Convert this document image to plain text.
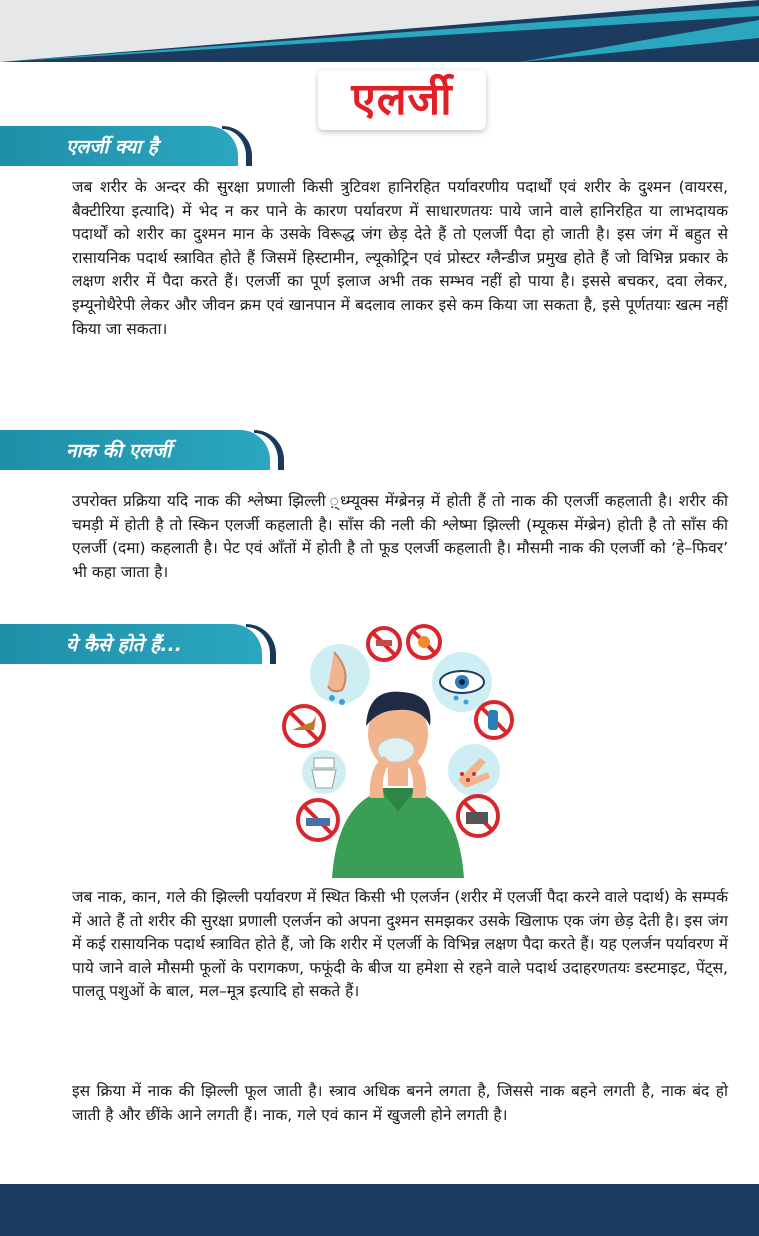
एलर्जी
एलर्जी क्या है

जब शरीर के अन्दर की सुरक्षा प्रणाली किसी त्रुटिवश हानिरहित पर्यावरणीय पदार्थों एवं शरीर के दुश्मन (वायरस, बैक्टीरिया इत्यादि) में भेद न कर पाने के कारण पर्यावरण में साधारणतयः पाये जाने वाले हानिरहित या लाभदायक पदार्थों को शरीर का दुश्मन मान के उसके विरूद्ध जंग छेड़ देते हैं तो एलर्जी पैदा हो जाती है। इस जंग में बहुत से रासायनिक पदार्थ स्त्रावित होते हैं जिसमें हिस्टामीन, ल्यूकोट्रिन एवं प्रोस्टर ग्लैन्डीज प्रमुख होते हैं जो विभिन्न प्रकार के लक्षण शरीर में पैदा करते हैं। एलर्जी का पूर्ण इलाज अभी तक सम्भव नहीं हो पाया है। इससे बचकर, दवा लेकर, इम्यूनोथैरेपी लेकर और जीवन क्रम एवं खानपान में बदलाव लाकर इसे कम किया जा सकता है, इसे पूर्णतयाः खत्म नहीं किया जा सकता।

नाक की एलर्जी

उपरोक्त प्रक्रिया यदि नाक की श्लेष्मा झिल्ली ़्ध्म्यूक्स मेंग्ब्रेनऩ्र में होती हैं तो नाक की एलर्जी कहलाती है। शरीर की चमड़ी में होती है तो स्किन एलर्जी कहलाती है। साँस की नली की श्लेष्मा झिल्ली (म्यूकस मेंग्ब्रेन) होती है तो साँस की एलर्जी (दमा) कहलाती है। पेट एवं आँतों में होती है तो फूड एलर्जी कहलाती है। मौसमी नाक की एलर्जी को ‘हे–फिवर’ भी कहा जाता है।

ये कैसे होते हैं...

जब नाक, कान, गले की झिल्ली पर्यावरण में स्थित किसी भी एलर्जन (शरीर में एलर्जी पैदा करने वाले पदार्थ) के सम्पर्क में आते हैं तो शरीर की सुरक्षा प्रणाली एलर्जन को अपना दुश्मन समझकर उसके खिलाफ एक जंग छेड़ देती है। इस जंग में कई रासायनिक पदार्थ स्त्रावित होते हैं, जो कि शरीर में एलर्जी के विभिन्न लक्षण पैदा करते हैं। यह एलर्जन पर्यावरण में पाये जाने वाले मौसमी फूलों के परागकण, फफूंदी के बीज या हमेशा से रहने वाले पदार्थ उदाहरणतयः डस्टमाइट, पेंट्स, पालतू पशुओं के बाल, मल–मूत्र इत्यादि हो सकते हैं।

इस क्रिया में नाक की झिल्ली फूल जाती है। स्त्राव अधिक बनने लगता है, जिससे नाक बहने लगती है, नाक बंद हो जाती है और छींके आने लगती हैं। नाक, गले एवं कान में खुजली होने लगती है।
